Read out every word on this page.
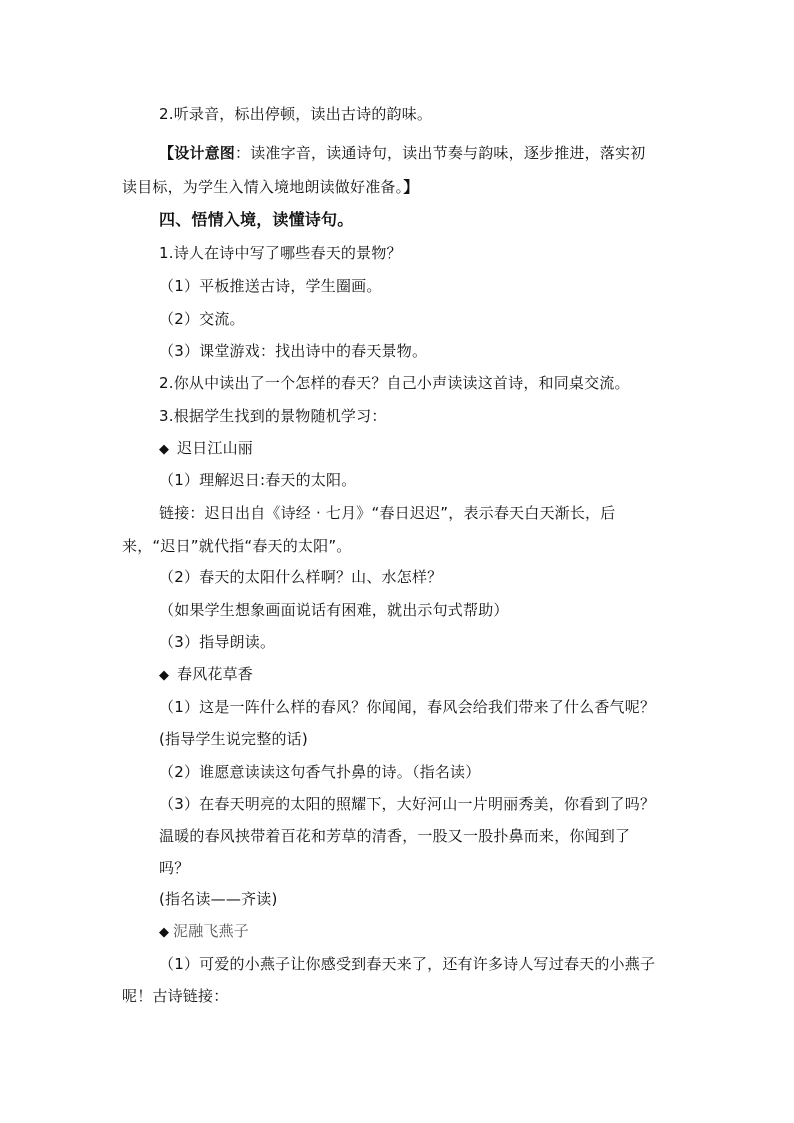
2.听录音，标出停顿，读出古诗的韵味。
【设计意图：读准字音，读通诗句，读出节奏与韵味，逐步推进，落实初
读目标，为学生入情入境地朗读做好准备。】
四、悟情入境，读懂诗句。
1.诗人在诗中写了哪些春天的景物？
（1）平板推送古诗，学生圈画。
（2）交流。
（3）课堂游戏：找出诗中的春天景物。
2.你从中读出了一个怎样的春天？自己小声读读这首诗，和同桌交流。
3.根据学生找到的景物随机学习：
◆ 迟日江山丽
（1）理解迟日:春天的太阳。
链接：迟日出自《诗经 · 七月》“春日迟迟”，表示春天白天渐长，后
来，“迟日”就代指“春天的太阳”。
（2）春天的太阳什么样啊？山、水怎样？
（如果学生想象画面说话有困难，就出示句式帮助）
（3）指导朗读。
◆ 春风花草香
（1）这是一阵什么样的春风？你闻闻，春风会给我们带来了什么香气呢？
(指导学生说完整的话)
（2）谁愿意读读这句香气扑鼻的诗。（指名读）
（3）在春天明亮的太阳的照耀下，大好河山一片明丽秀美，你看到了吗？
温暖的春风挟带着百花和芳草的清香，一股又一股扑鼻而来，你闻到了
吗？
(指名读——齐读)
◆ 泥融飞燕子
（1）可爱的小燕子让你感受到春天来了，还有许多诗人写过春天的小燕子
呢！古诗链接：
